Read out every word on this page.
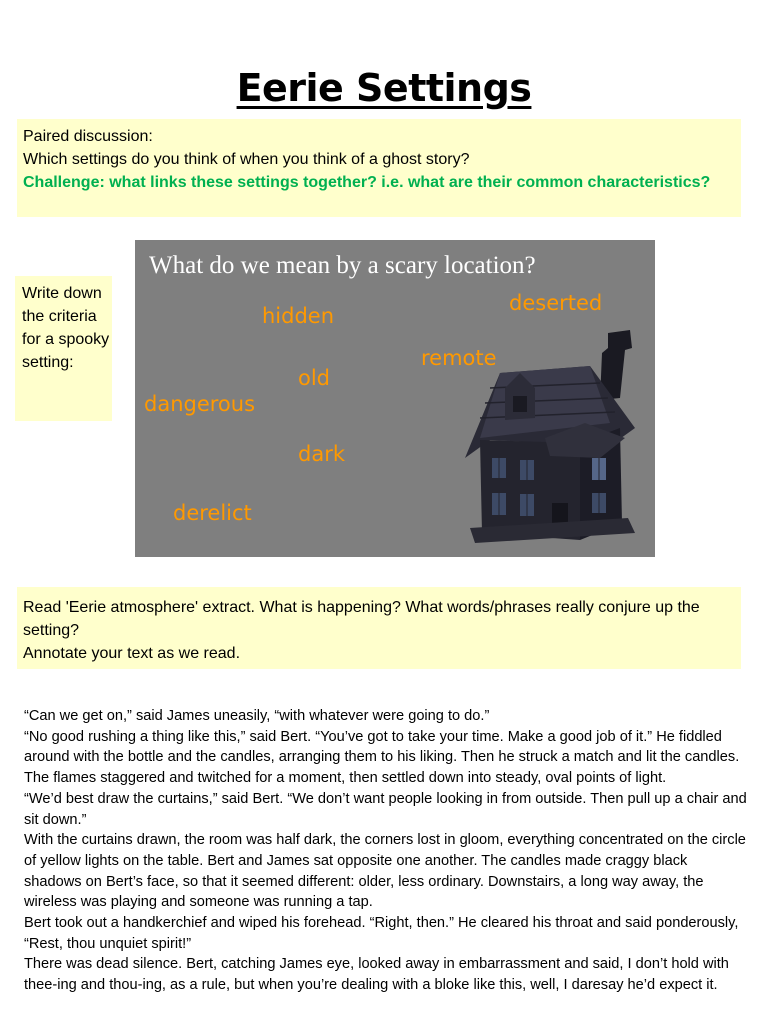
Eerie Settings
Paired discussion:
Which settings do you think of when you think of a ghost story?
Challenge: what links these settings together? i.e. what are their common characteristics?
Write down the criteria for a spooky setting:
What do we mean by a scary location?
hidden
deserted
remote
old
dangerous
dark
derelict
Read 'Eerie atmosphere' extract. What is happening? What words/phrases really conjure up the setting?
Annotate your text as we read.

“Can we get on,” said James uneasily, “with whatever were going to do.”

“No good rushing a thing like this,” said Bert. “You’ve got to take your time. Make a good job of it.” He fiddled around with the bottle and the candles, arranging them to his liking. Then he struck a match and lit the candles. The flames staggered and twitched for a moment, then settled down into steady, oval points of light.

“We’d best draw the curtains,” said Bert. “We don’t want people looking in from outside. Then pull up a chair and sit down.”

With the curtains drawn, the room was half dark, the corners lost in gloom, everything concentrated on the circle of yellow lights on the table. Bert and James sat opposite one another. The candles made craggy black shadows on Bert’s face, so that it seemed different: older, less ordinary. Downstairs, a long way away, the wireless was playing and someone was running a tap.

Bert took out a handkerchief and wiped his forehead. “Right, then.” He cleared his throat and said ponderously, “Rest, thou unquiet spirit!”

There was dead silence. Bert, catching James eye, looked away in embarrassment and said, I don’t hold with thee-ing and thou-ing, as a rule, but when you’re dealing with a bloke like this, well, I daresay he’d expect it.
